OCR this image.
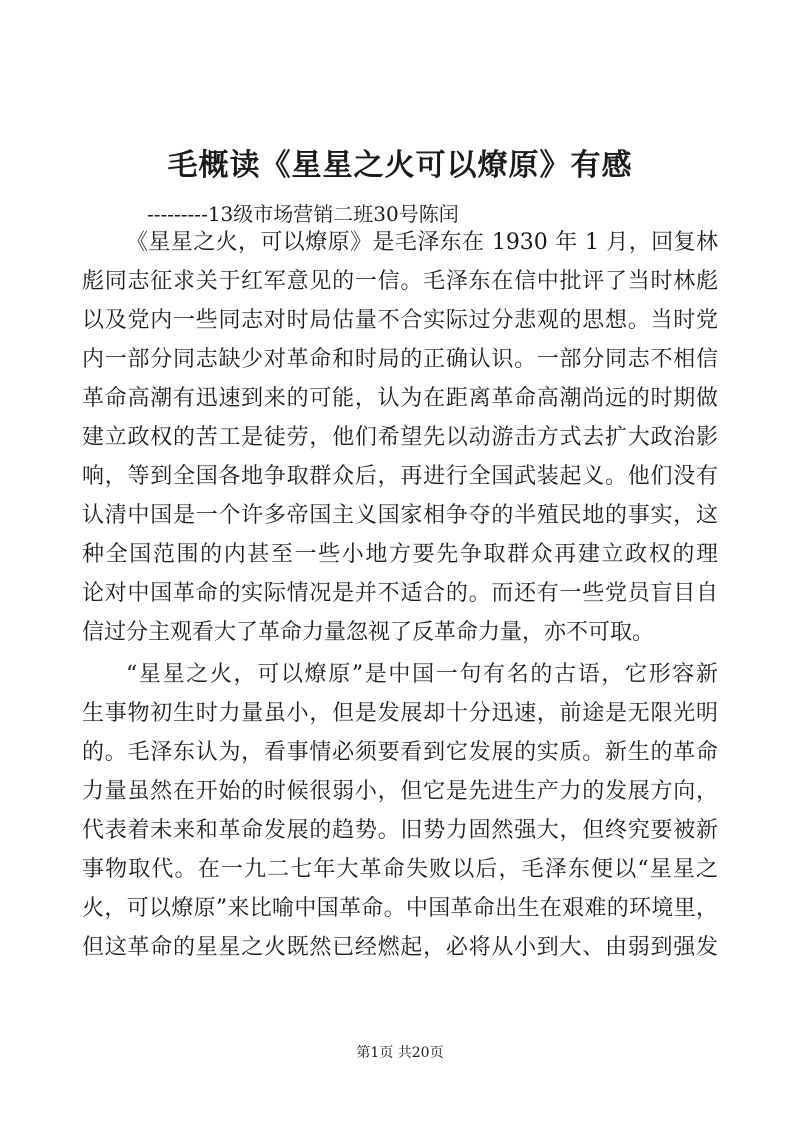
毛概读《星星之火可以燎原》有感
---------13级市场营销二班30号陈闰
《星星之火，可以燎原》是毛泽东在 1930 年 1 月，回复林
彪同志征求关于红军意见的一信。毛泽东在信中批评了当时林彪
以及党内一些同志对时局估量不合实际过分悲观的思想。当时党
内一部分同志缺少对革命和时局的正确认识。一部分同志不相信
革命高潮有迅速到来的可能，认为在距离革命高潮尚远的时期做
建立政权的苦工是徒劳，他们希望先以动游击方式去扩大政治影
响，等到全国各地争取群众后，再进行全国武装起义。他们没有
认清中国是一个许多帝国主义国家相争夺的半殖民地的事实，这
种全国范围的内甚至一些小地方要先争取群众再建立政权的理
论对中国革命的实际情况是并不适合的。而还有一些党员盲目自
信过分主观看大了革命力量忽视了反革命力量，亦不可取。
“星星之火，可以燎原”是中国一句有名的古语，它形容新
生事物初生时力量虽小，但是发展却十分迅速，前途是无限光明
的。毛泽东认为，看事情必须要看到它发展的实质。新生的革命
力量虽然在开始的时候很弱小，但它是先进生产力的发展方向，
代表着未来和革命发展的趋势。旧势力固然强大，但终究要被新
事物取代。在一九二七年大革命失败以后，毛泽东便以“星星之
火，可以燎原”来比喻中国革命。中国革命出生在艰难的环境里，
但这革命的星星之火既然已经燃起，必将从小到大、由弱到强发
第1页 共20页
